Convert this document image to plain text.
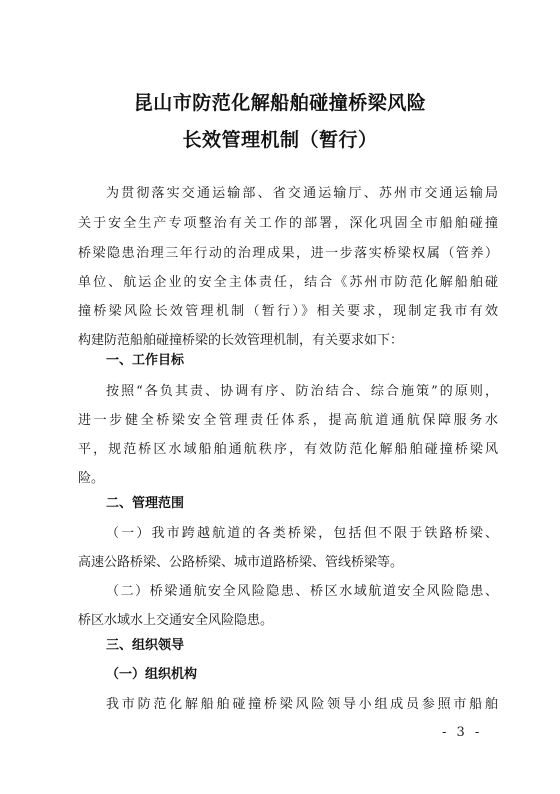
昆山市防范化解船舶碰撞桥梁风险
长效管理机制（暂行）
为贯彻落实交通运输部、省交通运输厅、苏州市交通运输局
关于安全生产专项整治有关工作的部署，深化巩固全市船舶碰撞
桥梁隐患治理三年行动的治理成果，进一步落实桥梁权属（管养）
单位、航运企业的安全主体责任，结合《苏州市防范化解船舶碰
撞桥梁风险长效管理机制（暂行）》相关要求，现制定我市有效
构建防范船舶碰撞桥梁的长效管理机制，有关要求如下：
一、工作目标
按照“各负其责、协调有序、防治结合、综合施策”的原则，
进一步健全桥梁安全管理责任体系，提高航道通航保障服务水
平，规范桥区水域船舶通航秩序，有效防范化解船舶碰撞桥梁风
险。
二、管理范围
（一）我市跨越航道的各类桥梁，包括但不限于铁路桥梁、
高速公路桥梁、公路桥梁、城市道路桥梁、管线桥梁等。
（二）桥梁通航安全风险隐患、桥区水域航道安全风险隐患、
桥区水域水上交通安全风险隐患。
三、组织领导
（一）组织机构
我市防范化解船舶碰撞桥梁风险领导小组成员参照市船舶
- 3 -
